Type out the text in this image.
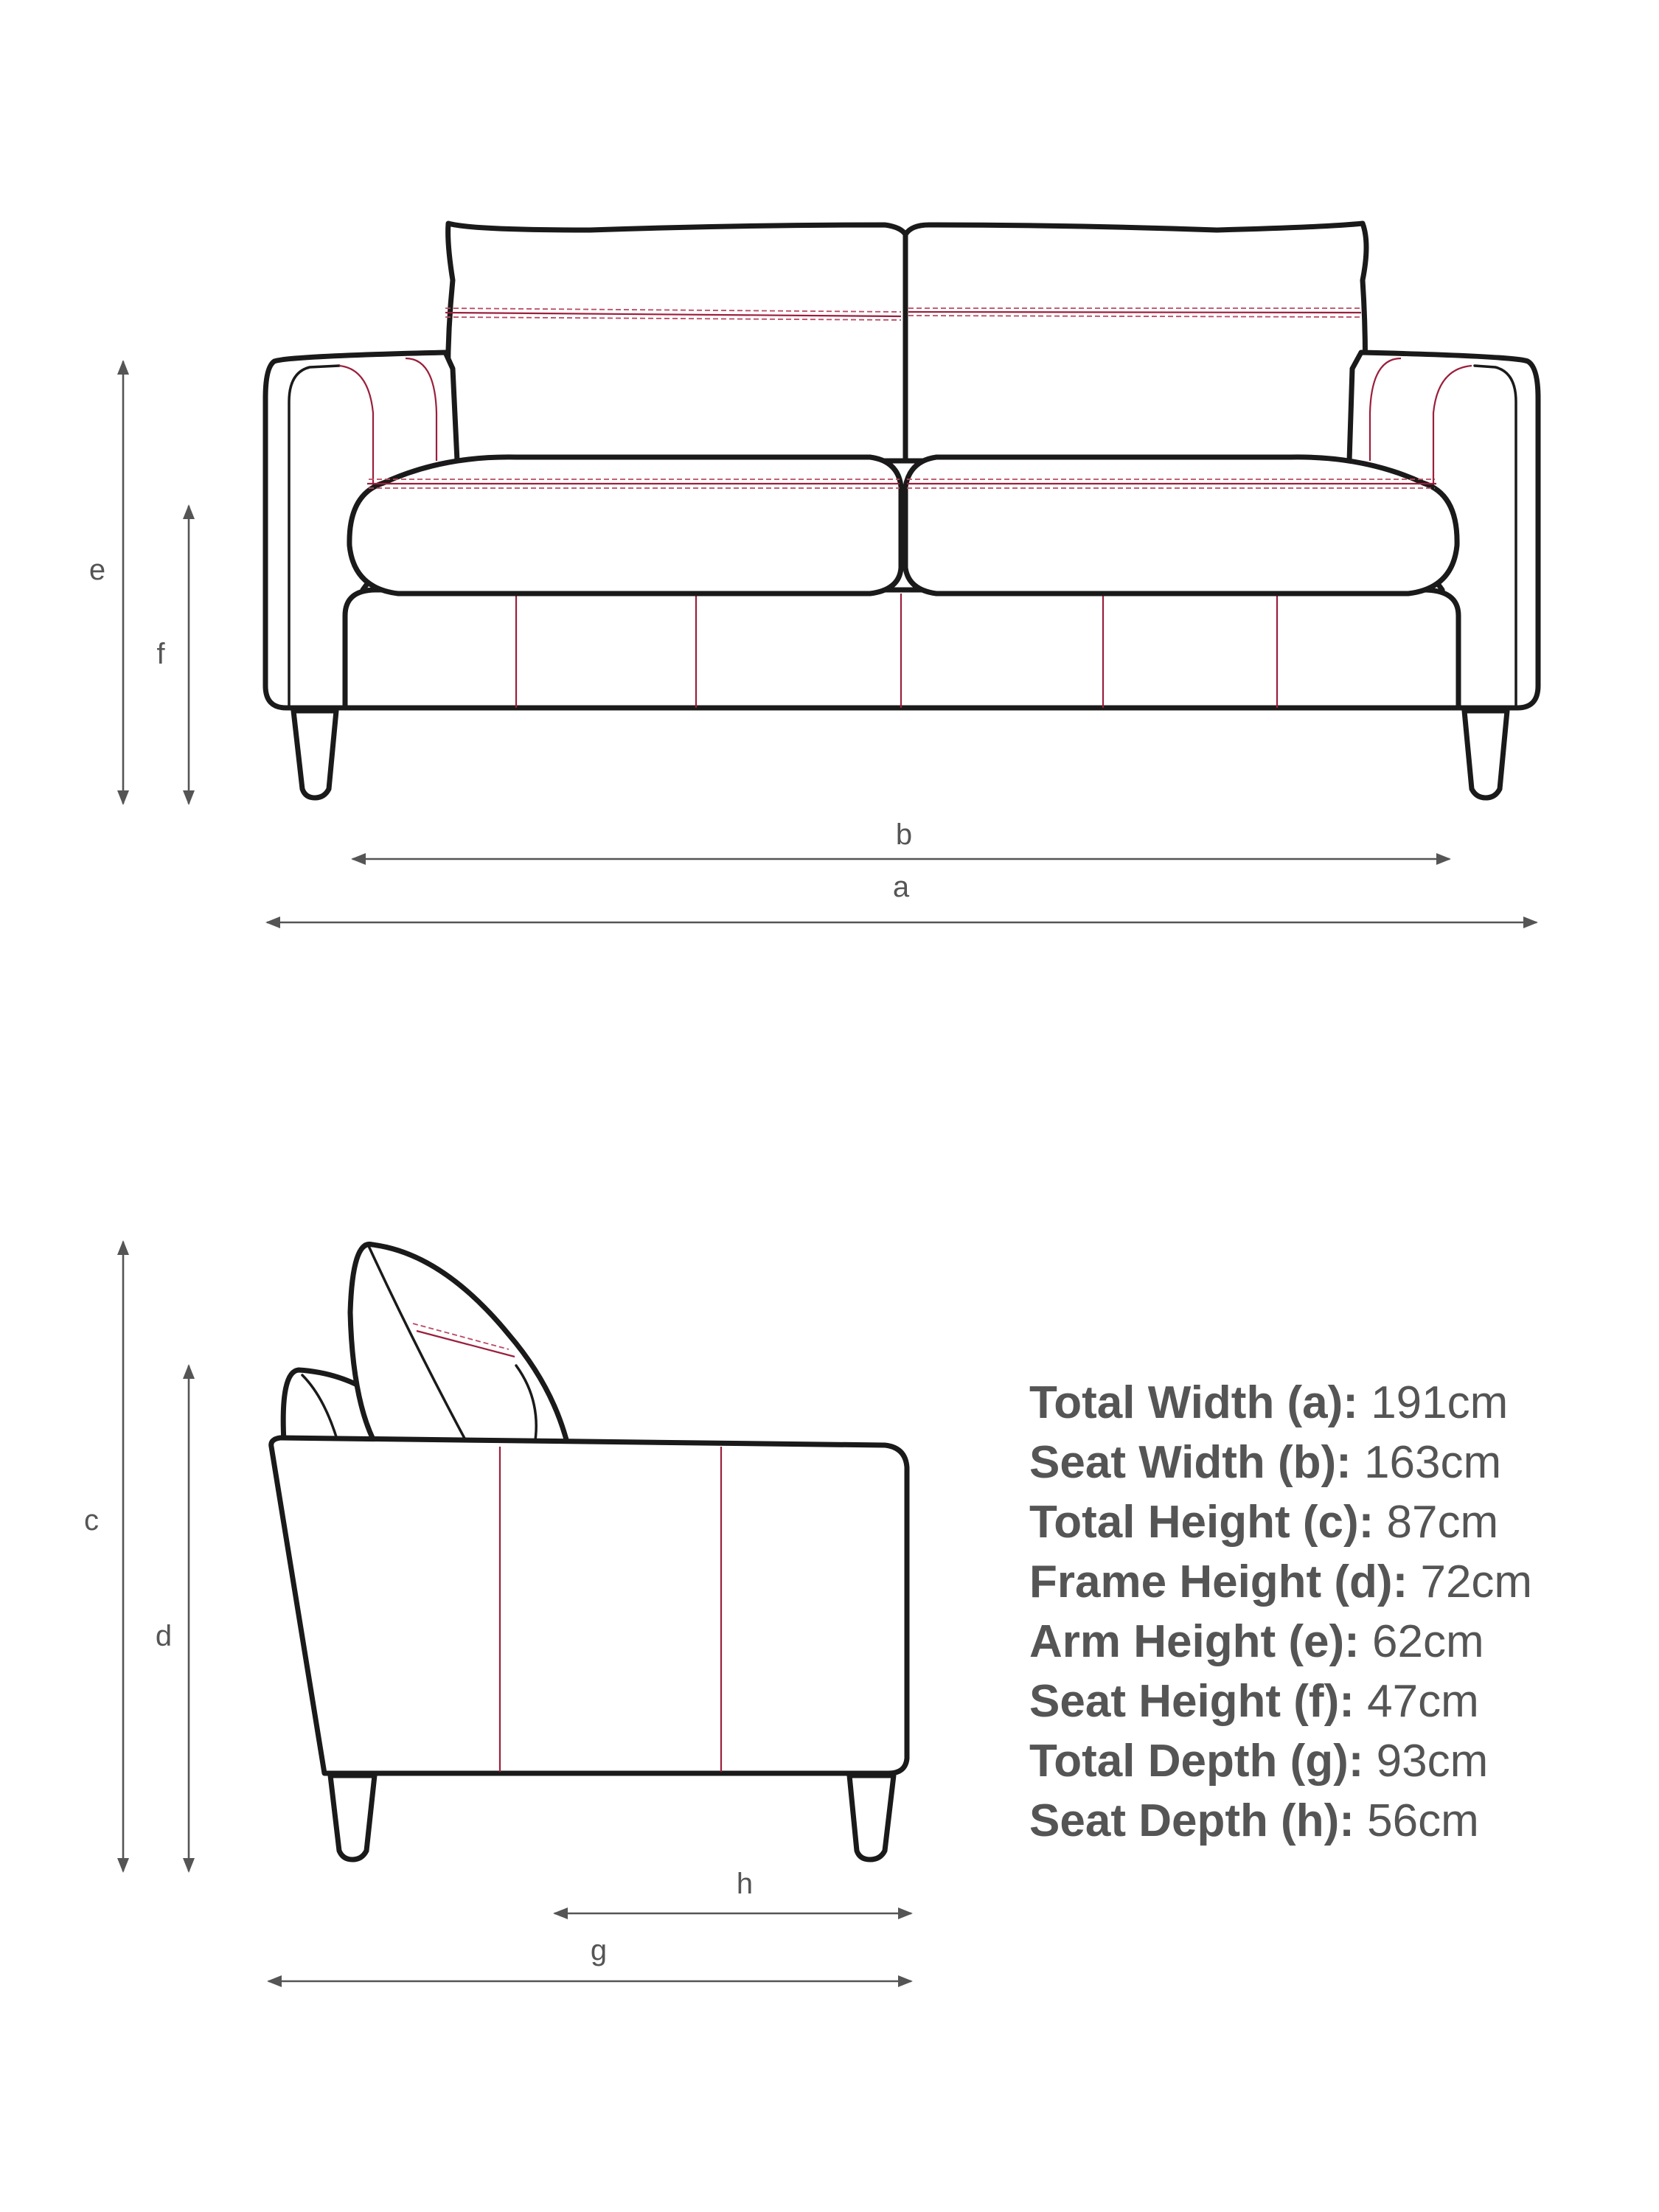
e
f
b
a
c
d
h
g
Total Width (a): 191cm
Seat Width (b): 163cm
Total Height (c): 87cm
Frame Height (d): 72cm
Arm Height (e): 62cm
Seat Height (f): 47cm
Total Depth (g): 93cm
Seat Depth (h): 56cm
